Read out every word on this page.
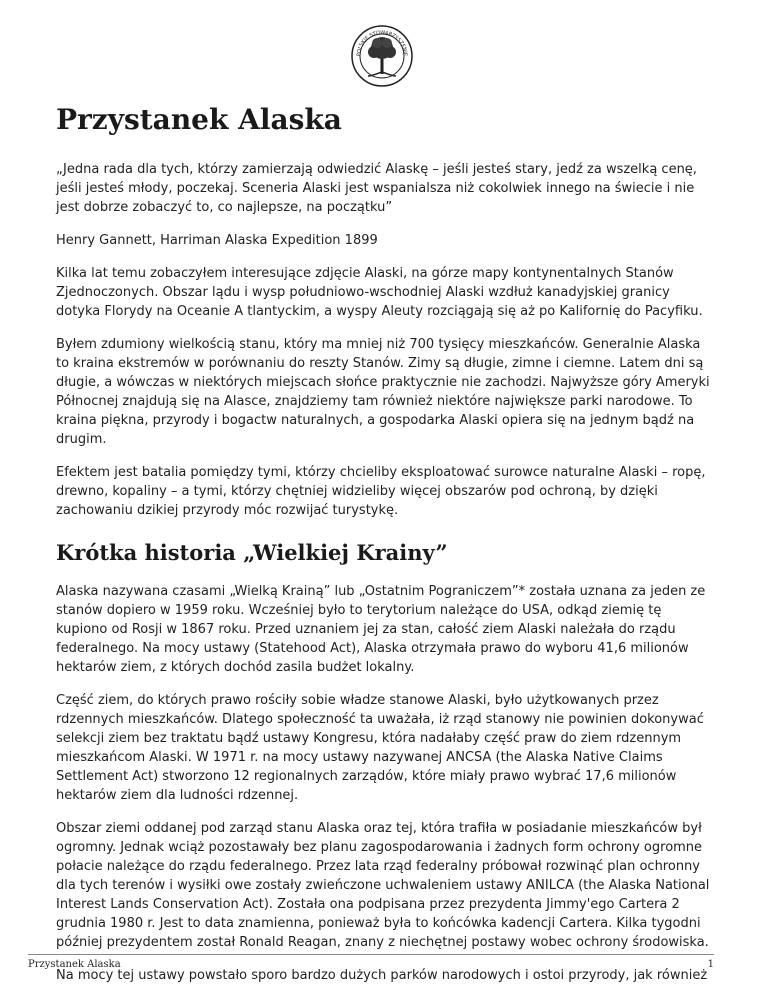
POLSKIE STOWARZYSZENIE
Przystanek Alaska

„Jedna rada dla tych, którzy zamierzają odwiedzić Alaskę – jeśli jesteś stary, jedź za wszelką cenę, jeśli jesteś młody, poczekaj. Sceneria Alaski jest wspanialsza niż cokolwiek innego na świecie i nie jest dobrze zobaczyć to, co najlepsze, na początku”

Henry Gannett, Harriman Alaska Expedition 1899

Kilka lat temu zobaczyłem interesujące zdjęcie Alaski, na górze mapy kontynentalnych Stanów Zjednoczonych. Obszar lądu i wysp południowo-wschodniej Alaski wzdłuż kanadyjskiej granicy dotyka Florydy na Oceanie A tlantyckim, a wyspy Aleuty rozciągają się aż po Kalifornię do Pacyfiku.

Byłem zdumiony wielkością stanu, który ma mniej niż 700 tysięcy mieszkańców. Generalnie Alaska to kraina ekstremów w porównaniu do reszty Stanów. Zimy są długie, zimne i ciemne. Latem dni są długie, a wówczas w niektórych miejscach słońce praktycznie nie zachodzi. Najwyższe góry Ameryki Północnej znajdują się na Alasce, znajdziemy tam również niektóre największe parki narodowe. To kraina piękna, przyrody i bogactw naturalnych, a gospodarka Alaski opiera się na jednym bądź na drugim.

Efektem jest batalia pomiędzy tymi, którzy chcieliby eksploatować surowce naturalne Alaski – ropę, drewno, kopaliny – a tymi, którzy chętniej widzieliby więcej obszarów pod ochroną, by dzięki zachowaniu dzikiej przyrody móc rozwijać turystykę.

Krótka historia „Wielkiej Krainy”

Alaska nazywana czasami „Wielką Krainą” lub „Ostatnim Pograniczem”* została uznana za jeden ze stanów dopiero w 1959 roku. Wcześniej było to terytorium należące do USA, odkąd ziemię tę kupiono od Rosji w 1867 roku. Przed uznaniem jej za stan, całość ziem Alaski należała do rządu federalnego. Na mocy ustawy (Statehood Act), Alaska otrzymała prawo do wyboru 41,6 milionów hektarów ziem, z których dochód zasila budżet lokalny.

Część ziem, do których prawo rościły sobie władze stanowe Alaski, było użytkowanych przez rdzennych mieszkańców. Dlatego społeczność ta uważała, iż rząd stanowy nie powinien dokonywać selekcji ziem bez traktatu bądź ustawy Kongresu, która nadałaby część praw do ziem rdzennym mieszkańcom Alaski. W 1971 r. na mocy ustawy nazywanej ANCSA (the Alaska Native Claims Settlement Act) stworzono 12 regionalnych zarządów, które miały prawo wybrać 17,6 milionów hektarów ziem dla ludności rdzennej.

Obszar ziemi oddanej pod zarząd stanu Alaska oraz tej, która trafiła w posiadanie mieszkańców był ogromny. Jednak wciąż pozostawały bez planu zagospodarowania i żadnych form ochrony ogromne połacie należące do rządu federalnego. Przez lata rząd federalny próbował rozwinąć plan ochronny dla tych terenów i wysiłki owe zostały zwieńczone uchwaleniem ustawy ANILCA (the Alaska National Interest Lands Conservation Act). Została ona podpisana przez prezydenta Jimmy'ego Cartera 2 grudnia 1980 r. Jest to data znamienna, ponieważ była to końcówka kadencji Cartera. Kilka tygodni później prezydentem został Ronald Reagan, znany z niechętnej postawy wobec ochrony środowiska.

Na mocy tej ustawy powstało sporo bardzo dużych parków narodowych i ostoi przyrody, jak również

Przystanek Alaska	1
